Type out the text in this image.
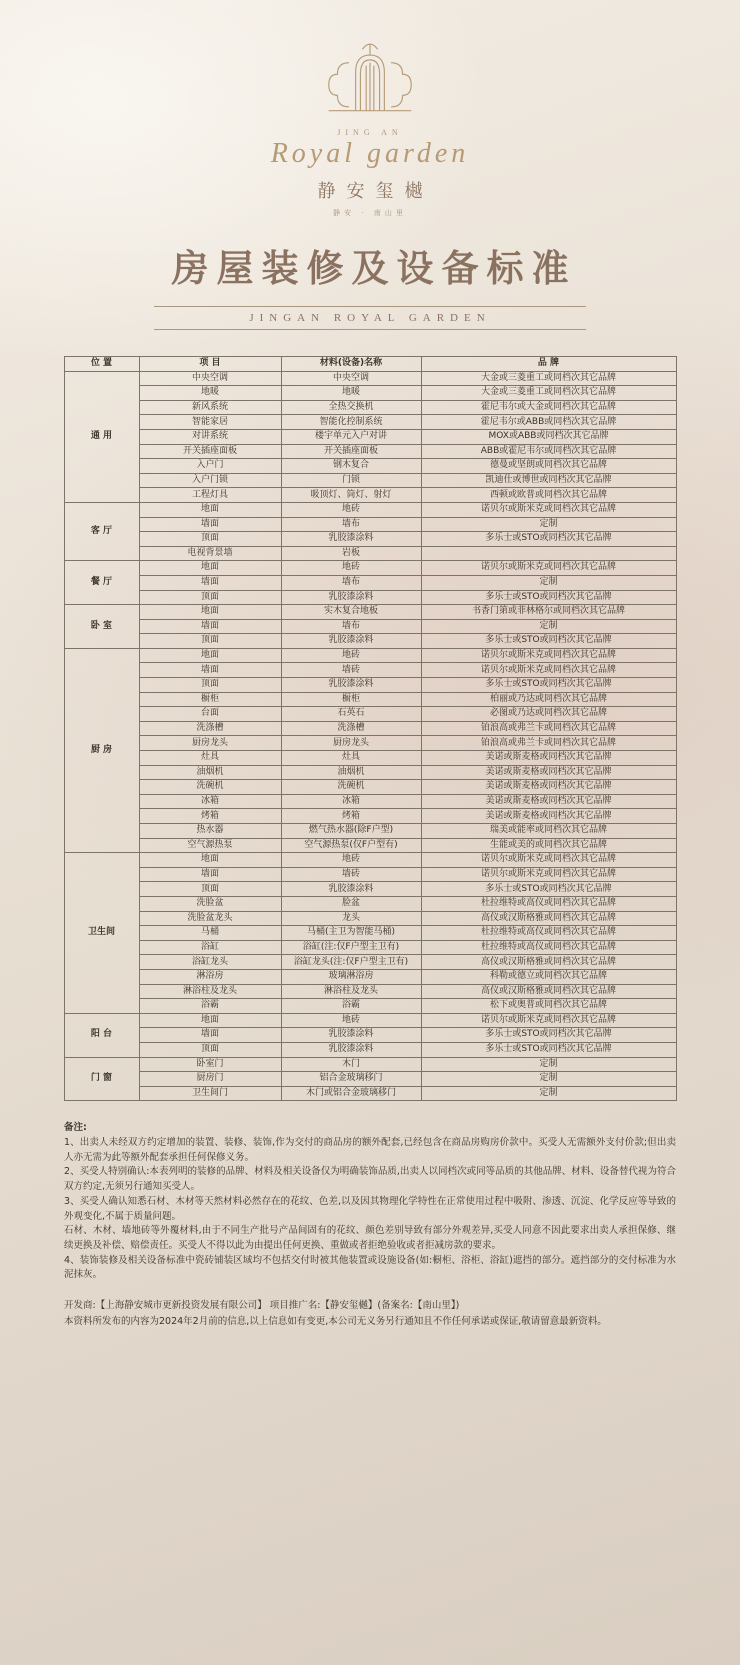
JING AN
Royal garden
静安玺樾
静安 · 南山里
房屋装修及设备标准
JINGAN ROYAL GARDEN
位 置	项 目	材料(设备)名称	品 牌
通 用	中央空调	中央空调	大金或三菱重工或同档次其它品牌
	地暖	地暖	大金或三菱重工或同档次其它品牌
	新风系统	全热交换机	霍尼韦尔或大金或同档次其它品牌
	智能家居	智能化控制系统	霍尼韦尔或ABB或同档次其它品牌
	对讲系统	楼宇单元入户对讲	MOX或ABB或同档次其它品牌
	开关插座面板	开关插座面板	ABB或霍尼韦尔或同档次其它品牌
	入户门	钢木复合	德曼或坚朗或同档次其它品牌
	入户门锁	门锁	凯迪仕或博世或同档次其它品牌
	工程灯具	吸顶灯、筒灯、射灯	西顿或欧普或同档次其它品牌
客 厅	地面	地砖	诺贝尔或斯米克或同档次其它品牌
	墙面	墙布	定制
	顶面	乳胶漆涂料	多乐士或STO或同档次其它品牌
	电视背景墙	岩板	
餐 厅	地面	地砖	诺贝尔或斯米克或同档次其它品牌
	墙面	墙布	定制
	顶面	乳胶漆涂料	多乐士或STO或同档次其它品牌
卧 室	地面	实木复合地板	书香门第或菲林格尔或同档次其它品牌
	墙面	墙布	定制
	顶面	乳胶漆涂料	多乐士或STO或同档次其它品牌
厨 房	地面	地砖	诺贝尔或斯米克或同档次其它品牌
	墙面	墙砖	诺贝尔或斯米克或同档次其它品牌
	顶面	乳胶漆涂料	多乐士或STO或同档次其它品牌
	橱柜	橱柜	柏丽或乃达或同档次其它品牌
	台面	石英石	必图或乃达或同档次其它品牌
	洗涤槽	洗涤槽	铂浪高或弗兰卡或同档次其它品牌
	厨房龙头	厨房龙头	铂浪高或弗兰卡或同档次其它品牌
	灶具	灶具	美诺或斯麦格或同档次其它品牌
	油烟机	油烟机	美诺或斯麦格或同档次其它品牌
	洗碗机	洗碗机	美诺或斯麦格或同档次其它品牌
	冰箱	冰箱	美诺或斯麦格或同档次其它品牌
	烤箱	烤箱	美诺或斯麦格或同档次其它品牌
	热水器	燃气热水器(除F户型)	瑞美或能率或同档次其它品牌
	空气源热泵	空气源热泵(仅F户型有)	生能或美的或同档次其它品牌
卫生间	地面	地砖	诺贝尔或斯米克或同档次其它品牌
	墙面	墙砖	诺贝尔或斯米克或同档次其它品牌
	顶面	乳胶漆涂料	多乐士或STO或同档次其它品牌
	洗脸盆	脸盆	杜拉维特或高仪或同档次其它品牌
	洗脸盆龙头	龙头	高仪或汉斯格雅或同档次其它品牌
	马桶	马桶(主卫为智能马桶)	杜拉维特或高仪或同档次其它品牌
	浴缸	浴缸(注:仅F户型主卫有)	杜拉维特或高仪或同档次其它品牌
	浴缸龙头	浴缸龙头(注:仅F户型主卫有)	高仪或汉斯格雅或同档次其它品牌
	淋浴房	玻璃淋浴房	科勒或德立或同档次其它品牌
	淋浴柱及龙头	淋浴柱及龙头	高仪或汉斯格雅或同档次其它品牌
	浴霸	浴霸	松下或奥普或同档次其它品牌
阳 台	地面	地砖	诺贝尔或斯米克或同档次其它品牌
	墙面	乳胶漆涂料	多乐士或STO或同档次其它品牌
	顶面	乳胶漆涂料	多乐士或STO或同档次其它品牌
门 窗	卧室门	木门	定制
	厨房门	铝合金玻璃移门	定制
	卫生间门	木门或铝合金玻璃移门	定制

备注:

1、出卖人未经双方约定增加的装置、装修、装饰,作为交付的商品房的额外配套,已经包含在商品房购房价款中。买受人无需额外支付价款;但出卖人亦无需为此等额外配套承担任何保修义务。

2、买受人特别确认:本表列明的装修的品牌、材料及相关设备仅为明确装饰品质,出卖人以同档次或同等品质的其他品牌、材料、设备替代视为符合双方约定,无须另行通知买受人。

3、买受人确认知悉石材、木材等天然材料必然存在的花纹、色差,以及因其物理化学特性在正常使用过程中吸附、渗透、沉淀、化学反应等导致的外观变化,不属于质量问题。

石材、木材、墙地砖等外覆材料,由于不同生产批号产品间固有的花纹、颜色差别导致有部分外观差异,买受人同意不因此要求出卖人承担保修、继续更换及补偿、赔偿责任。买受人不得以此为由提出任何更换、重做或者拒绝验收或者拒减房款的要求。

4、装饰装修及相关设备标准中瓷砖铺装区域均不包括交付时被其他装置或设施设备(如:橱柜、浴柜、浴缸)遮挡的部分。遮挡部分的交付标准为水泥抹灰。

开发商:【上海静安城市更新投资发展有限公司】 项目推广名:【静安玺樾】(备案名:【南山里】)

本资料所发布的内容为2024年2月前的信息,以上信息如有变更,本公司无义务另行通知且不作任何承诺或保证,敬请留意最新资料。
